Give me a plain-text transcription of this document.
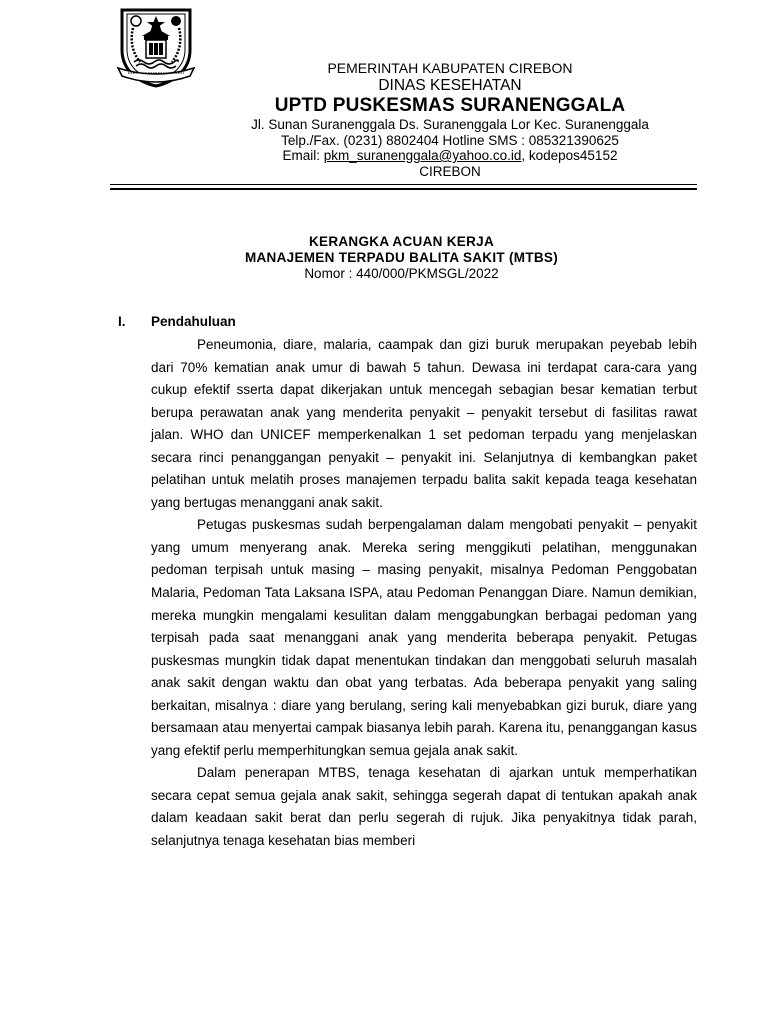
PEMERINTAH KABUPATEN CIREBON
DINAS KESEHATAN
UPTD PUSKESMAS SURANENGGALA
Jl. Sunan Suranenggala Ds. Suranenggala Lor Kec. Suranenggala
Telp./Fax. (0231) 8802404 Hotline SMS : 085321390625
Email: pkm_suranenggala@yahoo.co.id, kodepos45152
CIREBON
KERANGKA ACUAN KERJA
MANAJEMEN TERPADU BALITA SAKIT (MTBS)
Nomor : 440/000/PKMSGL/2022
I. Pendahuluan

Peneumonia, diare, malaria, caampak dan gizi buruk merupakan peyebab lebih dari 70% kematian anak umur di bawah 5 tahun. Dewasa ini terdapat cara-cara yang cukup efektif sserta dapat dikerjakan untuk mencegah sebagian besar kematian terbut berupa perawatan anak yang menderita penyakit – penyakit tersebut di fasilitas rawat jalan. WHO dan UNICEF memperkenalkan 1 set pedoman terpadu yang menjelaskan secara rinci penanggangan penyakit – penyakit ini. Selanjutnya di kembangkan paket pelatihan untuk melatih proses manajemen terpadu balita sakit kepada teaga kesehatan yang bertugas menanggani anak sakit.

Petugas puskesmas sudah berpengalaman dalam mengobati penyakit – penyakit yang umum menyerang anak. Mereka sering menggikuti pelatihan, menggunakan pedoman terpisah untuk masing – masing penyakit, misalnya Pedoman Penggobatan Malaria, Pedoman Tata Laksana ISPA, atau Pedoman Penanggan Diare. Namun demikian, mereka mungkin mengalami kesulitan dalam menggabungkan berbagai pedoman yang terpisah pada saat menanggani anak yang menderita beberapa penyakit. Petugas puskesmas mungkin tidak dapat menentukan tindakan dan menggobati seluruh masalah anak sakit dengan waktu dan obat yang terbatas. Ada beberapa penyakit yang saling berkaitan, misalnya : diare yang berulang, sering kali menyebabkan gizi buruk, diare yang bersamaan atau menyertai campak biasanya lebih parah. Karena itu, penanggangan kasus yang efektif perlu memperhitungkan semua gejala anak sakit.

Dalam penerapan MTBS, tenaga kesehatan di ajarkan untuk memperhatikan secara cepat semua gejala anak sakit, sehingga segerah dapat di tentukan apakah anak dalam keadaan sakit berat dan perlu segerah di rujuk. Jika penyakitnya tidak parah, selanjutnya tenaga kesehatan bias memberi
